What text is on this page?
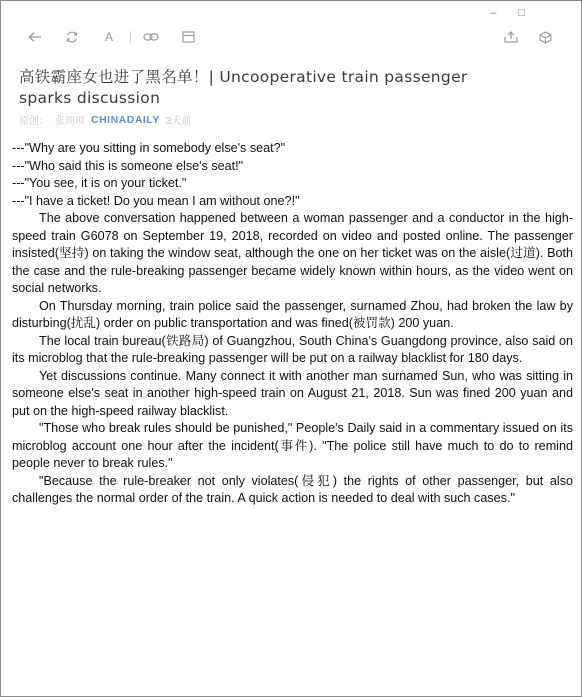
– □
A
高铁霸座女也进了黑名单！| Uncooperative train passenger sparks discussion
原创： 张周项 CHINADAILY 3天前

---"Why are you sitting in somebody else's seat?"

---"Who said this is someone else's seat!"

---"You see, it is on your ticket."

---"I have a ticket! Do you mean I am without one?!"

The above conversation happened between a woman passenger and a conductor in the high-speed train G6078 on September 19, 2018, recorded on video and posted online. The passenger insisted(坚持) on taking the window seat, although the one on her ticket was on the aisle(过道). Both the case and the rule-breaking passenger became widely known within hours, as the video went on social networks.

On Thursday morning, train police said the passenger, surnamed Zhou, had broken the law by disturbing(扰乱) order on public transportation and was fined(被罚款) 200 yuan.

The local train bureau(铁路局) of Guangzhou, South China's Guangdong province, also said on its microblog that the rule-breaking passenger will be put on a railway blacklist for 180 days.

Yet discussions continue. Many connect it with another man surnamed Sun, who was sitting in someone else's seat in another high-speed train on August 21, 2018. Sun was fined 200 yuan and put on the high-speed railway blacklist.

"Those who break rules should be punished," People's Daily said in a commentary issued on its microblog account one hour after the incident(事件). "The police still have much to do to remind people never to break rules."

"Because the rule-breaker not only violates(侵犯) the rights of other passenger, but also challenges the normal order of the train. A quick action is needed to deal with such cases."
